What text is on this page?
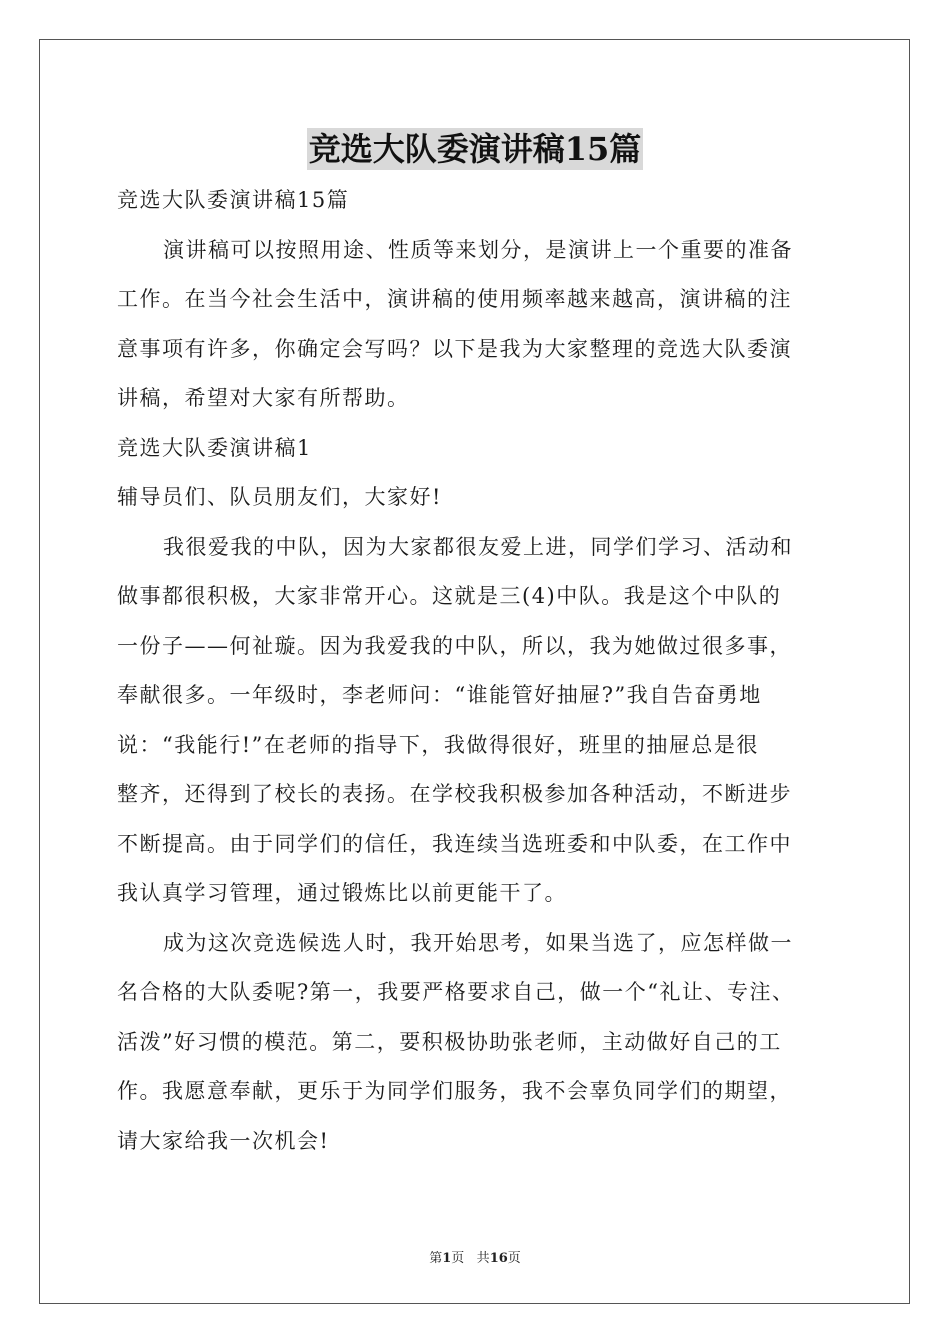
竞选大队委演讲稿15篇
竞选大队委演讲稿15篇
演讲稿可以按照用途、性质等来划分，是演讲上一个重要的准备
工作。在当今社会生活中，演讲稿的使用频率越来越高，演讲稿的注
意事项有许多，你确定会写吗？以下是我为大家整理的竞选大队委演
讲稿，希望对大家有所帮助。
竞选大队委演讲稿1
辅导员们、队员朋友们，大家好!
我很爱我的中队，因为大家都很友爱上进，同学们学习、活动和
做事都很积极，大家非常开心。这就是三(4)中队。我是这个中队的
一份子——何祉璇。因为我爱我的中队，所以，我为她做过很多事，
奉献很多。一年级时，李老师问：“谁能管好抽屉?”我自告奋勇地
说：“我能行!”在老师的指导下，我做得很好，班里的抽屉总是很
整齐，还得到了校长的表扬。在学校我积极参加各种活动，不断进步
不断提高。由于同学们的信任，我连续当选班委和中队委，在工作中
我认真学习管理，通过锻炼比以前更能干了。
成为这次竞选候选人时，我开始思考，如果当选了，应怎样做一
名合格的大队委呢?第一，我要严格要求自己，做一个“礼让、专注、
活泼”好习惯的模范。第二，要积极协助张老师，主动做好自己的工
作。我愿意奉献，更乐于为同学们服务，我不会辜负同学们的期望，
请大家给我一次机会!
第1页 共16页
